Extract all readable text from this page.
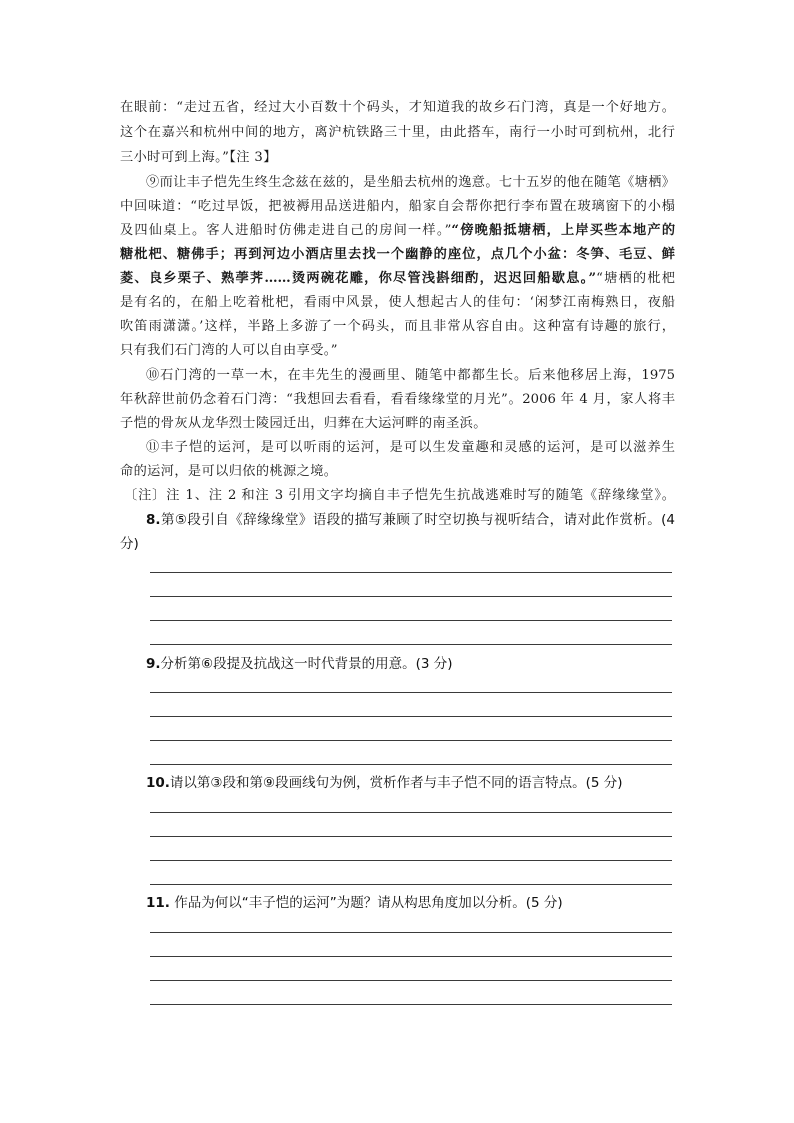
在眼前：“走过五省，经过大小百数十个码头，才知道我的故乡石门湾，真是一个好地方。
这个在嘉兴和杭州中间的地方，离沪杭铁路三十里，由此搭车，南行一小时可到杭州，北行
三小时可到上海。”【注 3】
⑨而让丰子恺先生终生念兹在兹的，是坐船去杭州的逸意。七十五岁的他在随笔《塘栖》
中回味道：“吃过早饭，把被褥用品送进船内，船家自会帮你把行李布置在玻璃窗下的小榻
及四仙桌上。客人进船时仿佛走进自己的房间一样。”“傍晚船抵塘栖，上岸买些本地产的
糖枇杷、糖佛手；再到河边小酒店里去找一个幽静的座位，点几个小盆：冬笋、毛豆、鲜
菱、良乡栗子、熟荸荠……烫两碗花雕，你尽管浅斟细酌，迟迟回船歇息。”“塘栖的枇杷
是有名的，在船上吃着枇杷，看雨中风景，使人想起古人的佳句：‘闲梦江南梅熟日，夜船
吹笛雨潇潇。’这样，半路上多游了一个码头，而且非常从容自由。这种富有诗趣的旅行，
只有我们石门湾的人可以自由享受。”
⑩石门湾的一草一木，在丰先生的漫画里、随笔中都都生长。后来他移居上海，1975
年秋辞世前仍念着石门湾：“我想回去看看，看看缘缘堂的月光”。2006 年 4 月，家人将丰
子恺的骨灰从龙华烈士陵园迁出，归葬在大运河畔的南圣浜。
⑪丰子恺的运河，是可以听雨的运河，是可以生发童趣和灵感的运河，是可以滋养生
命的运河，是可以归依的桃源之境。
〔注〕注 1、注 2 和注 3 引用文字均摘自丰子恺先生抗战逃难时写的随笔《辞缘缘堂》。
8.第⑤段引自《辞缘缘堂》语段的描写兼顾了时空切换与视听结合，请对此作赏析。(4
分)
9.分析第⑥段提及抗战这一时代背景的用意。(3 分)
10.请以第③段和第⑨段画线句为例，赏析作者与丰子恺不同的语言特点。(5 分)
11. 作品为何以“丰子恺的运河”为题？请从构思角度加以分析。(5 分)
